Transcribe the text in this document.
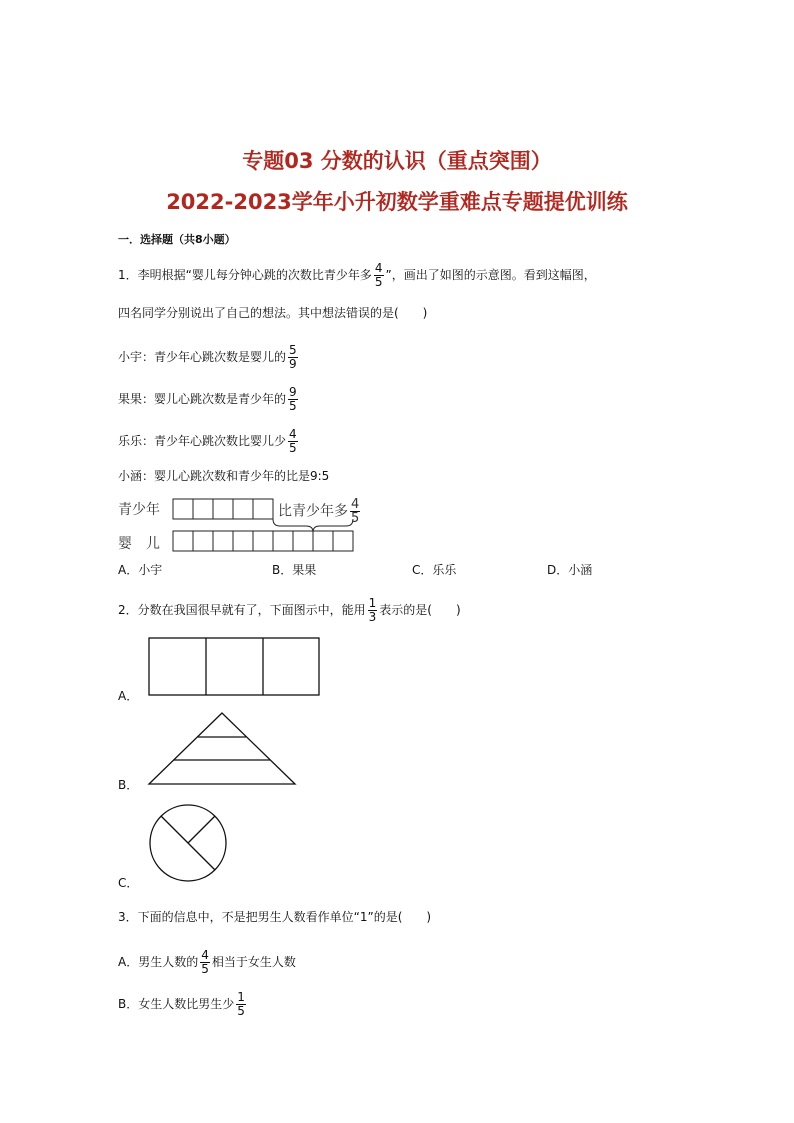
专题03 分数的认识（重点突围）
2022-2023学年小升初数学重难点专题提优训练
一．选择题（共8小题）
1．李明根据“婴儿每分钟心跳的次数比青少年多 $\frac{4}{5}$ ”，画出了如图的示意图。看到这幅图，
四名同学分别说出了自己的想法。其中想法错误的是(　　)
小宇：青少年心跳次数是婴儿的 $\frac{5}{9}$
果果：婴儿心跳次数是青少年的 $\frac{9}{5}$
乐乐：青少年心跳次数比婴儿少 $\frac{4}{5}$
小涵：婴儿心跳次数和青少年的比是9:5
青少年
婴　儿
比青少年多 $\frac{4}{5}$
A．小宇	B．果果	C．乐乐	D．小涵
2．分数在我国很早就有了，下面图示中，能用 $\frac{1}{3}$ 表示的是(　　)
A．
B．
C．
3．下面的信息中，不是把男生人数看作单位“1”的是(　　)
A．男生人数的 $\frac{4}{5}$ 相当于女生人数
B．女生人数比男生少 $\frac{1}{5}$
